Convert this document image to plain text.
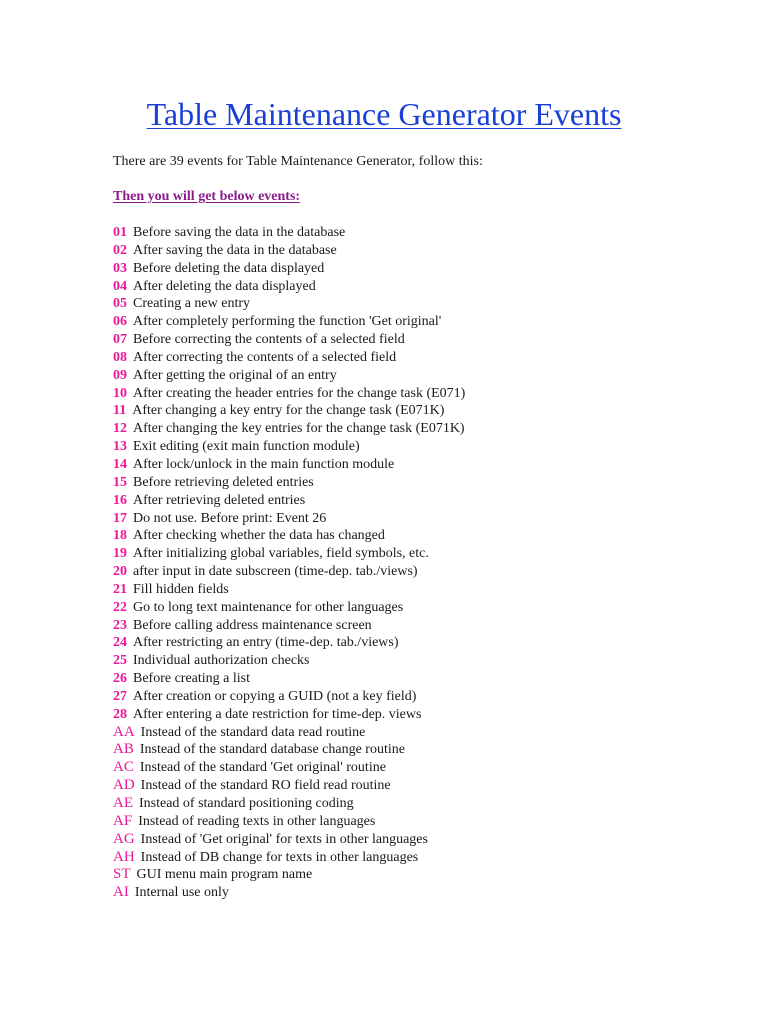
Table Maintenance Generator Events

There are 39 events for Table Maintenance Generator, follow this:

Then you will get below events:

01 Before saving the data in the database
02 After saving the data in the database
03 Before deleting the data displayed
04 After deleting the data displayed
05 Creating a new entry
06 After completely performing the function 'Get original'
07 Before correcting the contents of a selected field
08 After correcting the contents of a selected field
09 After getting the original of an entry
10 After creating the header entries for the change task (E071)
11 After changing a key entry for the change task (E071K)
12 After changing the key entries for the change task (E071K)
13 Exit editing (exit main function module)
14 After lock/unlock in the main function module
15 Before retrieving deleted entries
16 After retrieving deleted entries
17 Do not use. Before print: Event 26
18 After checking whether the data has changed
19 After initializing global variables, field symbols, etc.
20 after input in date subscreen (time-dep. tab./views)
21 Fill hidden fields
22 Go to long text maintenance for other languages
23 Before calling address maintenance screen
24 After restricting an entry (time-dep. tab./views)
25 Individual authorization checks
26 Before creating a list
27 After creation or copying a GUID (not a key field)
28 After entering a date restriction for time-dep. views
AA Instead of the standard data read routine
AB Instead of the standard database change routine
AC Instead of the standard 'Get original' routine
AD Instead of the standard RO field read routine
AE Instead of standard positioning coding
AF Instead of reading texts in other languages
AG Instead of 'Get original' for texts in other languages
AH Instead of DB change for texts in other languages
ST GUI menu main program name
AI Internal use only
